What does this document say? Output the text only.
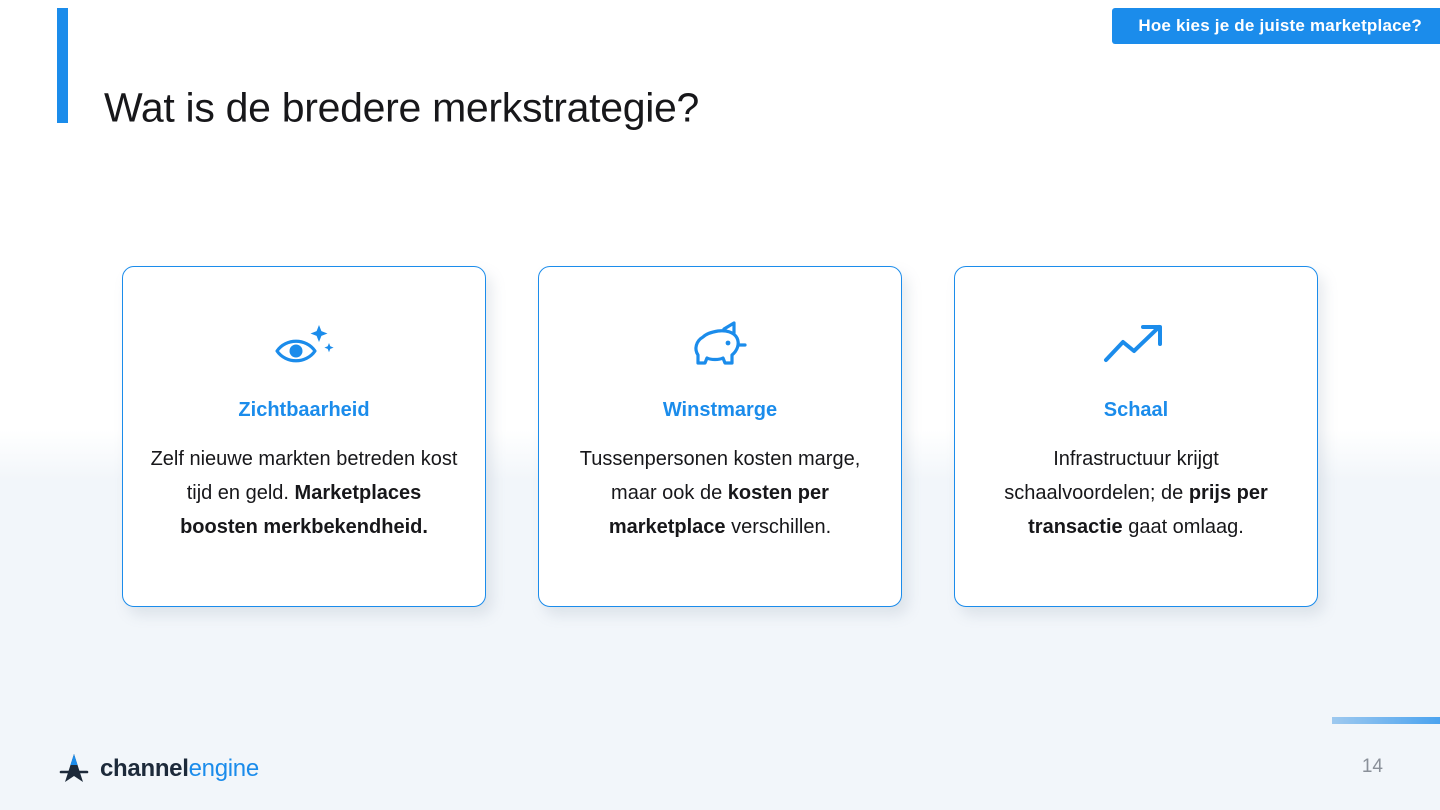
Hoe kies je de juiste marketplace?
Wat is de bredere merkstrategie?
Zichtbaarheid
Zelf nieuwe markten betreden kost tijd en geld. Marketplaces boosten merkbekendheid.
Winstmarge
Tussenpersonen kosten marge, maar ook de kosten per marketplace verschillen.
Schaal
Infrastructuur krijgt schaalvoordelen; de prijs per transactie gaat omlaag.
channelengine	14
